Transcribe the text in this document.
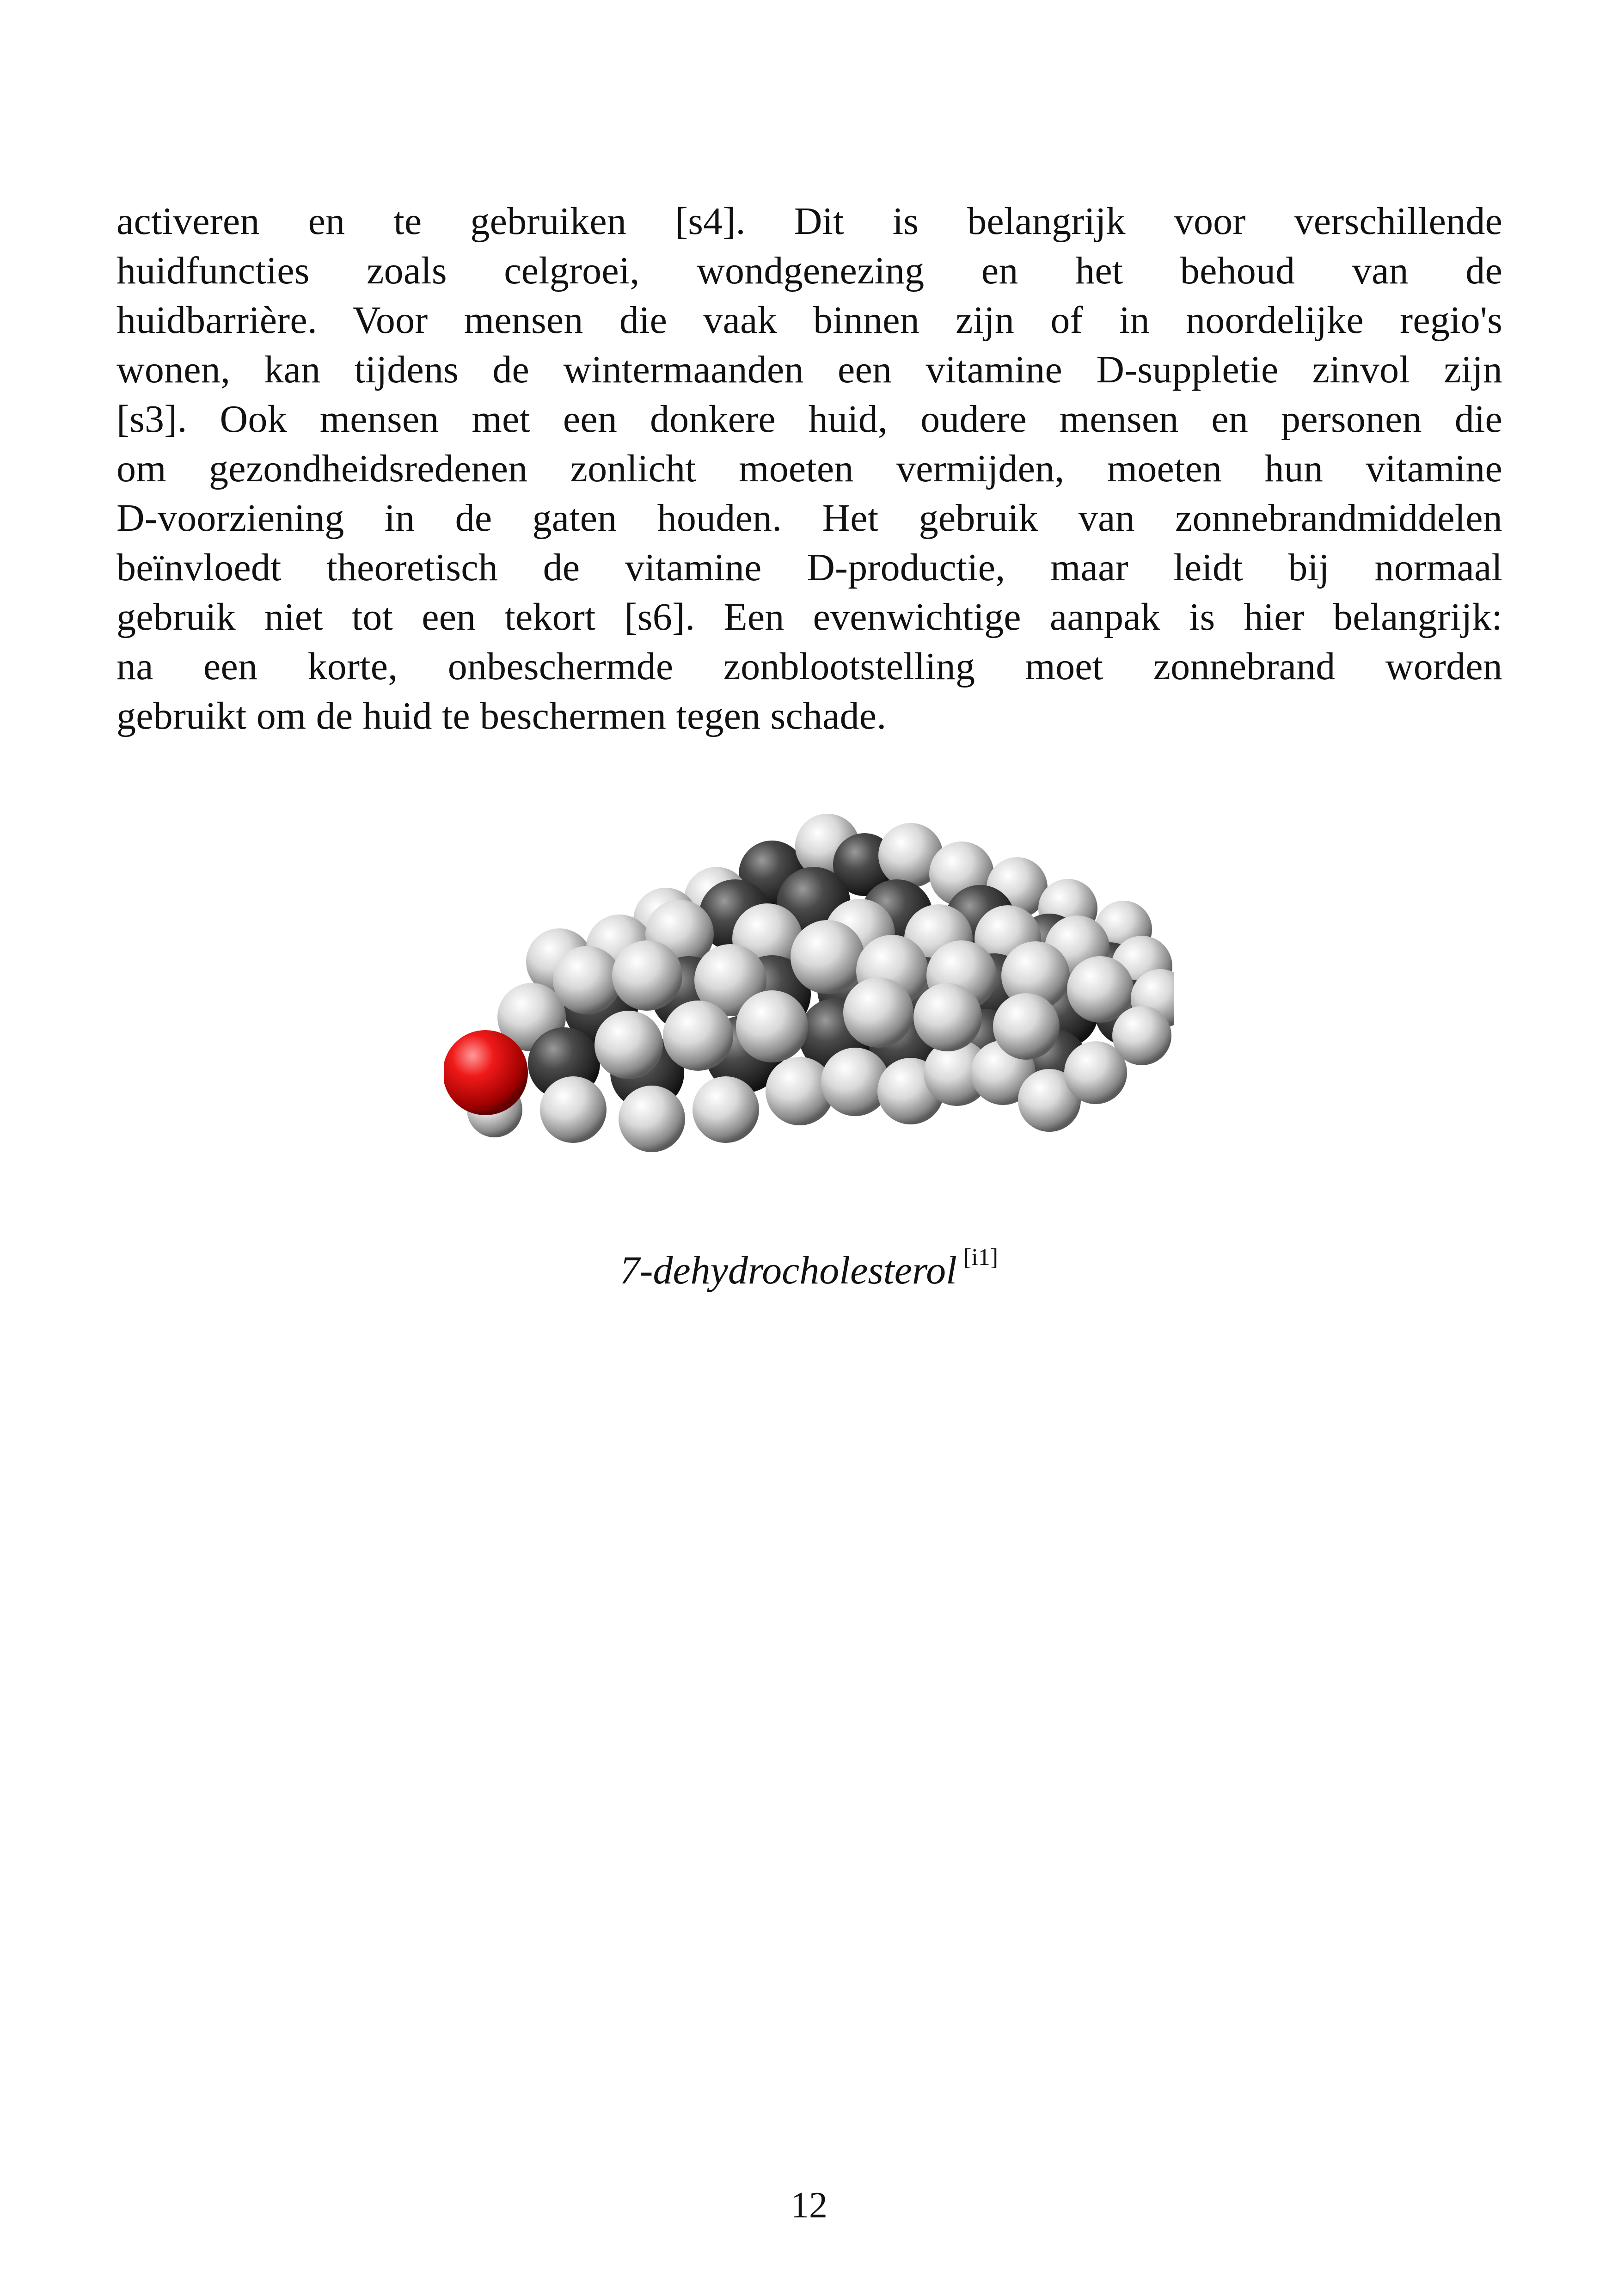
activeren en te gebruiken [s4]. Dit is belangrijk voor verschillende
huidfuncties zoals celgroei, wondgenezing en het behoud van de
huidbarrière. Voor mensen die vaak binnen zijn of in noordelijke regio's
wonen, kan tijdens de wintermaanden een vitamine D-suppletie zinvol zijn
[s3]. Ook mensen met een donkere huid, oudere mensen en personen die
om gezondheidsredenen zonlicht moeten vermijden, moeten hun vitamine
D-voorziening in de gaten houden. Het gebruik van zonnebrandmiddelen
beïnvloedt theoretisch de vitamine D-productie, maar leidt bij normaal
gebruik niet tot een tekort [s6]. Een evenwichtige aanpak is hier belangrijk:
na een korte, onbeschermde zonblootstelling moet zonnebrand worden
gebruikt om de huid te beschermen tegen schade.

7-dehydrocholesterol [i1]
12
